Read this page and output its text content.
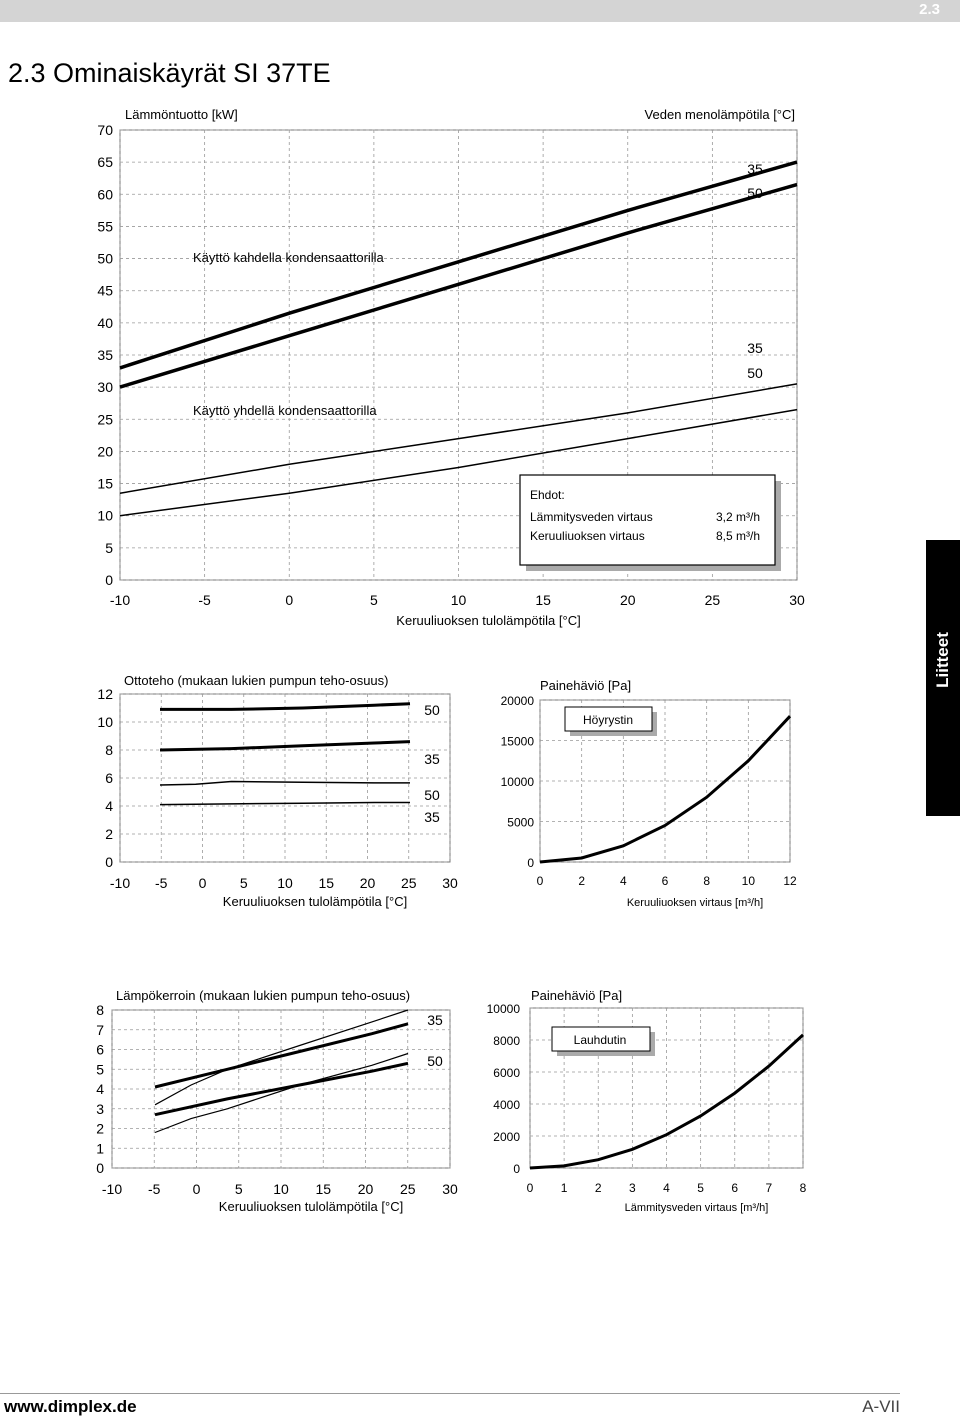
2.3
2.3 Ominaiskäyrät SI 37TE
-10	-5	0	5	10	15	20	25	30
0
5
10
15
20
25
30
35
40
45
50
55
60
65
70
Keruuliuoksen tulolämpötila [°C]
Lämmöntuotto [kW]	Veden menolämpötila [°C]
Käyttö kahdella kondensaattorilla
Käyttö yhdellä kondensaattorilla
35
50
35
50
Ehdot:
Lämmitysveden virtaus	3,2 m³/h
Keruuliuoksen virtaus	8,5 m³/h
-10 -5 0 5 10 15 20 25 30
0
2
4
6
8
10
12
Keruuliuoksen tulolämpötila [°C]
Ottoteho (mukaan lukien pumpun teho-osuus)
50
35
50
35
0	2	4	6	8	10 12
0
5000
10000
15000
20000
Keruuliuoksen virtaus [m³/h]
Painehäviö [Pa]
Höyrystin
-10 -5 0 5 10 15 20 25 30
0
1
2
3
4
5
6
7
8
Keruuliuoksen tulolämpötila [°C]
Lämpökerroin (mukaan lukien pumpun teho-osuus)
35
50
0 1 2 3 4 5 6 7 8
0
2000
4000
6000
8000
10000
Lämmitysveden virtaus [m³/h]
Painehäviö [Pa]
Lauhdutin
Liitteet
www.dimplex.de	A-VII
